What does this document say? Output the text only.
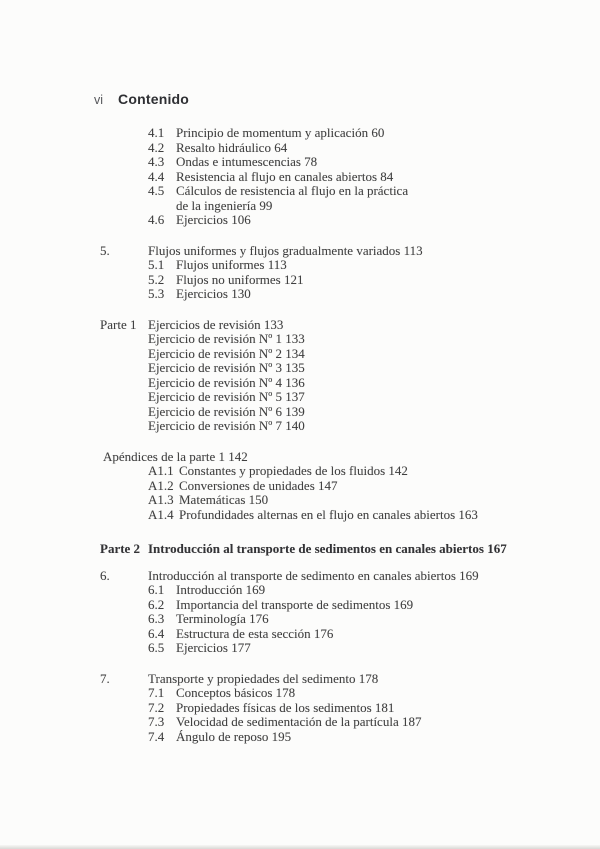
vi Contenido
4.1 Principio de momentum y aplicación 60
4.2 Resalto hidráulico 64
4.3 Ondas e intumescencias 78
4.4 Resistencia al flujo en canales abiertos 84
4.5 Cálculos de resistencia al flujo en la práctica
de la ingeniería 99
4.6 Ejercicios 106
5.	Flujos uniformes y flujos gradualmente variados 113
5.1 Flujos uniformes 113
5.2 Flujos no uniformes 121
5.3 Ejercicios 130
Parte 1 Ejercicios de revisión 133
Ejercicio de revisión Nº 1 133
Ejercicio de revisión Nº 2 134
Ejercicio de revisión Nº 3 135
Ejercicio de revisión Nº 4 136
Ejercicio de revisión Nº 5 137
Ejercicio de revisión Nº 6 139
Ejercicio de revisión Nº 7 140
Apéndices de la parte 1 142
A1.1 Constantes y propiedades de los fluidos 142
A1.2 Conversiones de unidades 147
A1.3 Matemáticas 150
A1.4 Profundidades alternas en el flujo en canales abiertos 163
Parte 2 Introducción al transporte de sedimentos en canales abiertos 167
6.	Introducción al transporte de sedimento en canales abiertos 169
6.1 Introducción 169
6.2 Importancia del transporte de sedimentos 169
6.3 Terminología 176
6.4 Estructura de esta sección 176
6.5 Ejercicios 177
7.	Transporte y propiedades del sedimento 178
7.1 Conceptos básicos 178
7.2 Propiedades físicas de los sedimentos 181
7.3 Velocidad de sedimentación de la partícula 187
7.4 Ángulo de reposo 195
